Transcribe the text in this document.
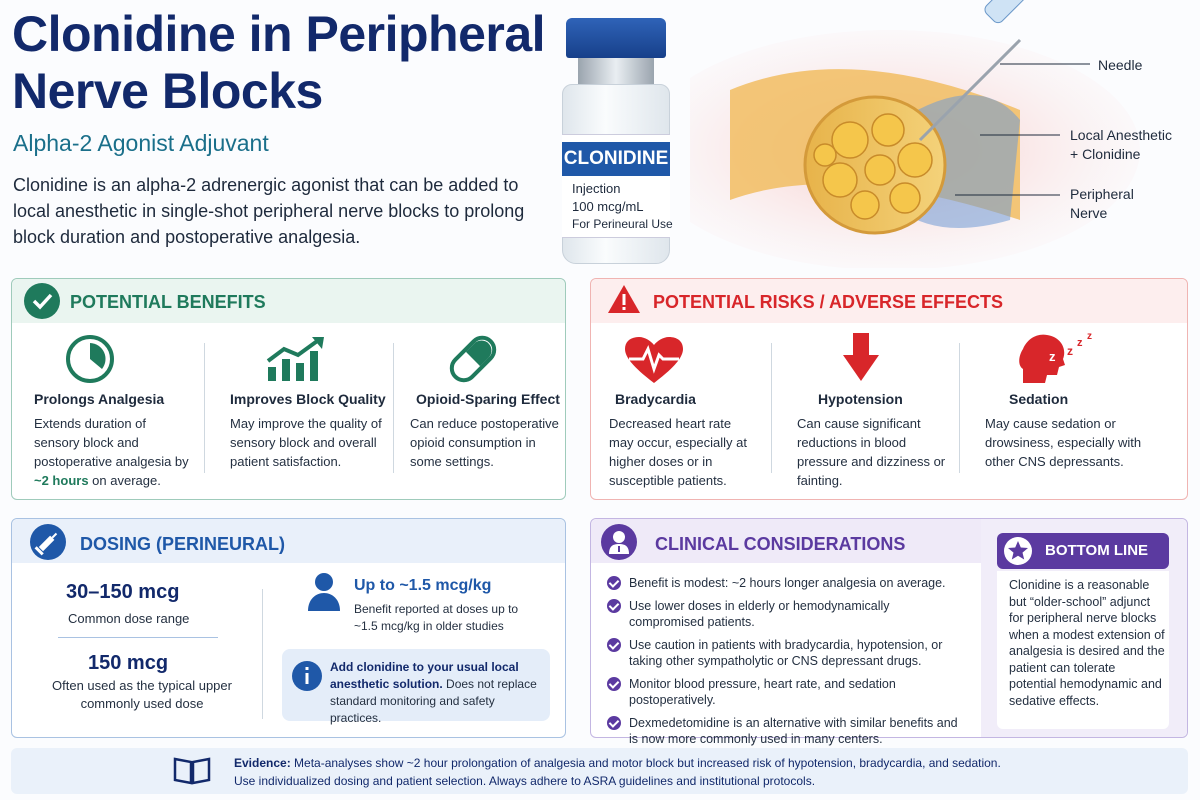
Clonidine in Peripheral
Nerve Blocks
Alpha-2 Agonist Adjuvant
Clonidine is an alpha-2 adrenergic agonist that can be added to local anesthetic in single-shot peripheral nerve blocks to prolong block duration and postoperative analgesia.
CLONIDINE
Injection
100 mcg/mL
For Perineural Use
Needle
Local Anesthetic
+ Clonidine
Peripheral
Nerve
POTENTIAL BENEFITS
Prolongs Analgesia
Extends duration of sensory block and postoperative analgesia by ~2 hours on average.
Improves Block Quality
May improve the quality of sensory block and overall patient satisfaction.
Opioid-Sparing Effect
Can reduce postoperative opioid consumption in some settings.
POTENTIAL RISKS / ADVERSE EFFECTS
Bradycardia
Decreased heart rate may occur, especially at higher doses or in susceptible patients.
Hypotension
Can cause significant reductions in blood pressure and dizziness or fainting.
z z
z
z
Sedation
May cause sedation or drowsiness, especially with other CNS depressants.
DOSING (PERINEURAL)
30–150 mcg
Common dose range
150 mcg
Often used as the typical upper commonly used dose
Up to ~1.5 mcg/kg
Benefit reported at doses up to ~1.5 mcg/kg in older studies
Add clonidine to your usual local anesthetic solution. Does not replace standard monitoring and safety practices.
CLINICAL CONSIDERATIONS
Benefit is modest: ~2 hours longer analgesia on average.
Use lower doses in elderly or hemodynamically compromised patients.
Use caution in patients with bradycardia, hypotension, or taking other sympatholytic or CNS depressant drugs.
Monitor blood pressure, heart rate, and sedation postoperatively.
Dexmedetomidine is an alternative with similar benefits and is now more commonly used in many centers.
BOTTOM LINE
Clonidine is a reasonable but “older-school” adjunct for peripheral nerve blocks when a modest extension of analgesia is desired and the patient can tolerate potential hemodynamic and sedative effects.
Evidence: Meta-analyses show ~2 hour prolongation of analgesia and motor block but increased risk of hypotension, bradycardia, and sedation.
Use individualized dosing and patient selection. Always adhere to ASRA guidelines and institutional protocols.
